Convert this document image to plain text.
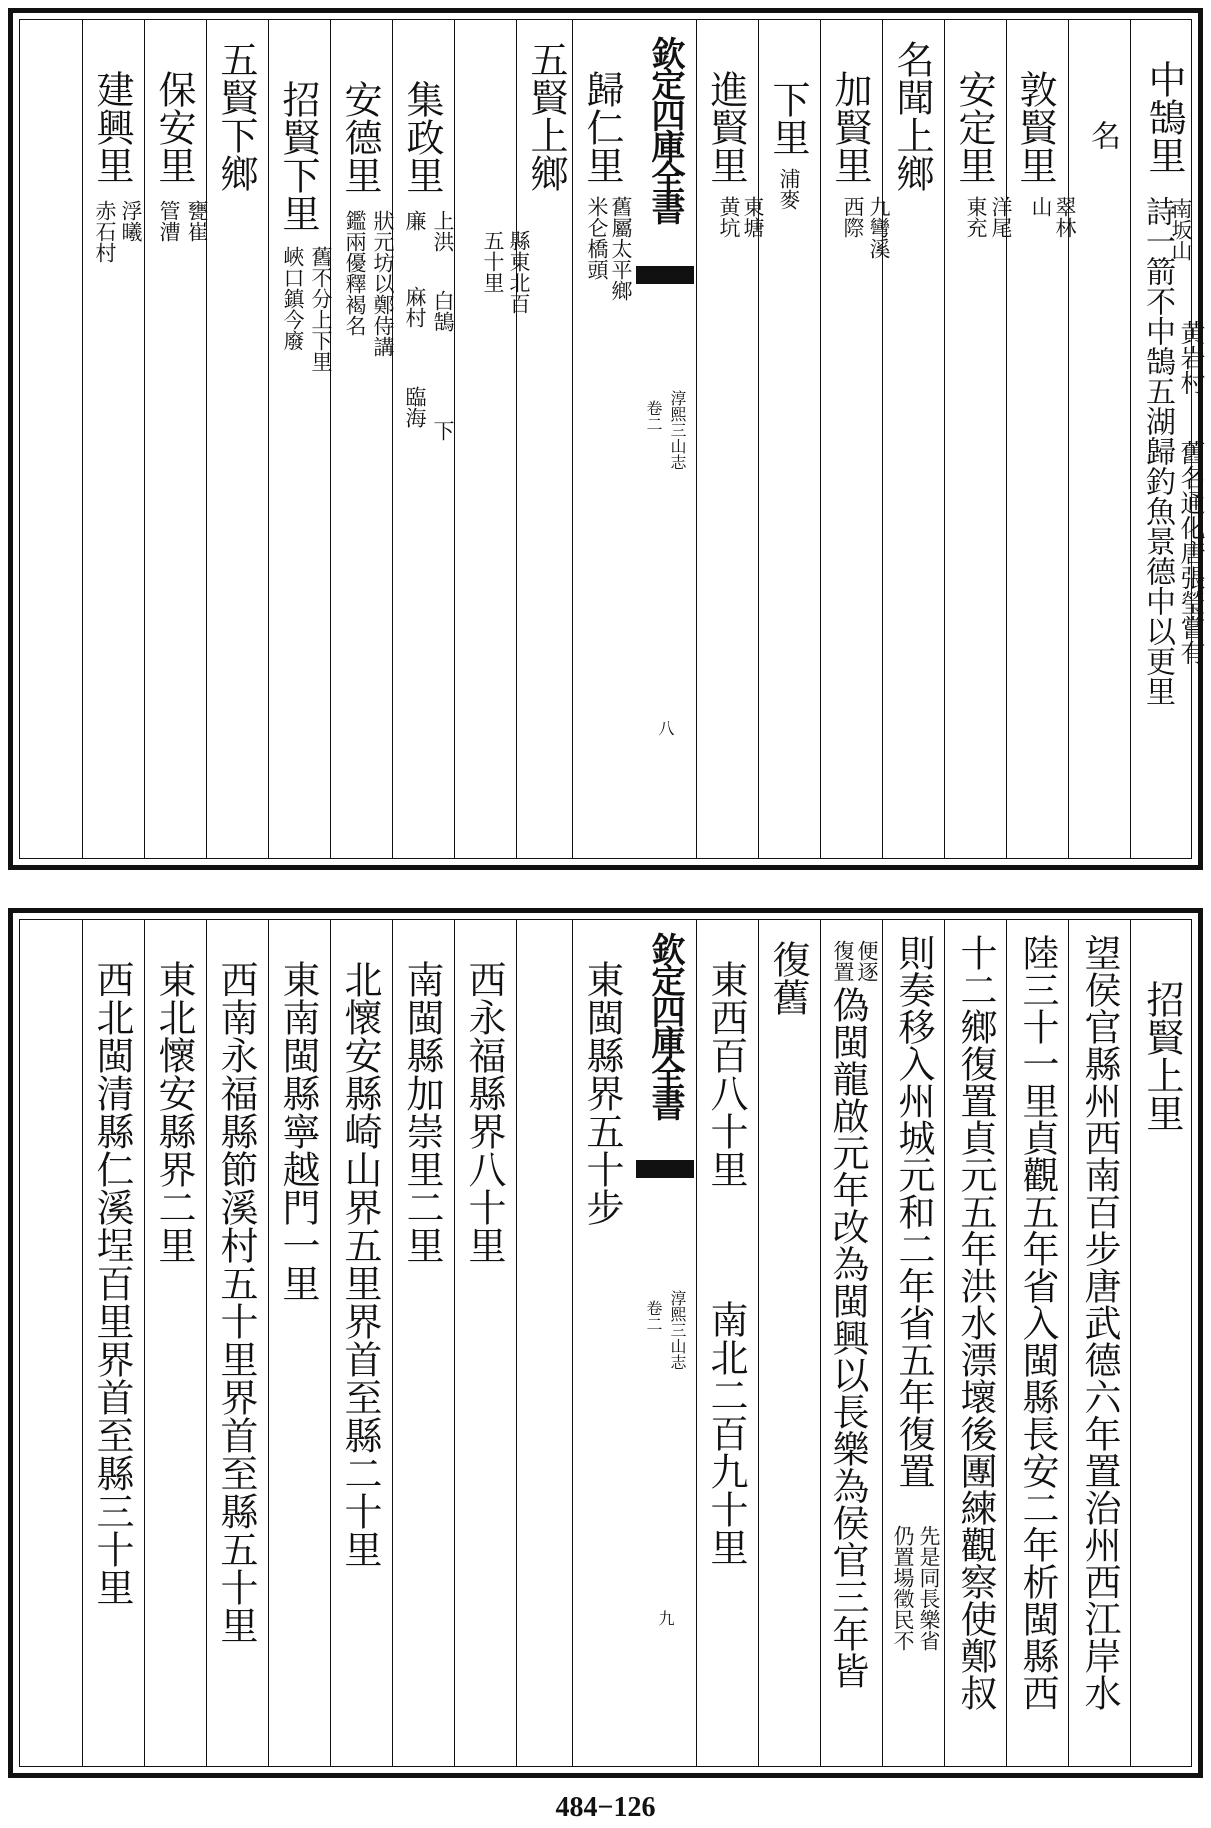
中鵠里
南坂山
詩一箭不中鵠五湖歸釣魚景德中以更里 黄岩村
舊名通化唐張瑩嘗有
名
敦賢里
翠林
山
安定里
洋尾
東充
名聞上鄉
加賢里
九彎溪
西際
下里
浦麥
進賢里
東塘
黄坑
欽定四庫全書
淳熙三山志
卷二
八
歸仁里
舊屬太平鄉
米仑橋頭
五賢上鄉
縣東北百
五十里
集政里
上洪
白鵠
下
廉
麻村
臨海
安德里
狀元坊以鄭侍講
鑑兩優釋褐名
招賢下里
舊不分上下里
峽口鎮今廢
五賢下鄉
保安里
甕崔
管漕
建興里
浮曦
赤石村
招賢上里
望侯官縣州西南百步唐武德六年置治州西江岸水
陸三十一里貞觀五年省入閩縣長安二年析閩縣西
十二鄉復置貞元五年洪水漂壞後團練觀察使鄭叔
則奏移入州城元和二年省五年復置
先是同長樂省
仍置場徵民不
便逐
復置
偽閩龍啟元年改為閩興以長樂為侯官三年皆
復舊
東西百八十里
南北二百九十里
欽定四庫全書
淳熙三山志
卷二
九
東閩縣界五十步
西永福縣界八十里
南閩縣加崇里二里
北懷安縣崎山界五里界首至縣二十里
東南閩縣寧越門一里
西南永福縣節溪村五十里界首至縣五十里
東北懷安縣界二里
西北閩清縣仁溪埕百里界首至縣三十里
484−126
